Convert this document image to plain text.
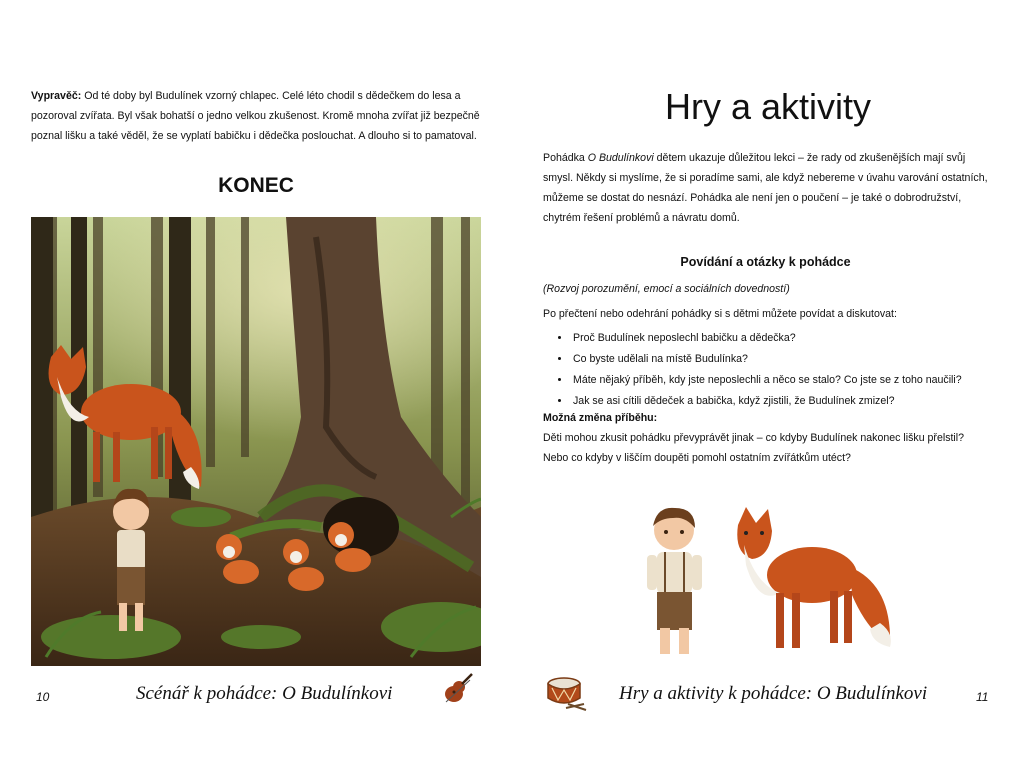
Vypravěč: Od té doby byl Budulínek vzorný chlapec. Celé léto chodil s dědečkem do lesa a pozoroval zvířata. Byl však bohatší o jedno velkou zkušenost. Kromě mnoha zvířat již bezpečně poznal lišku a také věděl, že se vyplatí babičku i dědečka poslouchat. A dlouho si to pamatoval.

KONEC
10	Scénář k pohádce: O Budulínkovi
Hry a aktivity

Pohádka O Budulínkovi dětem ukazuje důležitou lekci – že rady od zkušenějších mají svůj smysl. Někdy si myslíme, že si poradíme sami, ale když nebereme v úvahu varování ostatních, můžeme se dostat do nesnází. Pohádka ale není jen o poučení – je také o dobrodružství, chytrém řešení problémů a návratu domů.

Povídání a otázky k pohádce

(Rozvoj porozumění, emocí a sociálních dovedností)

Po přečtení nebo odehrání pohádky si s dětmi můžete povídat a diskutovat:

• Proč Budulínek neposlechl babičku a dědečka?
• Co byste udělali na místě Budulínka?
• Máte nějaký příběh, kdy jste neposlechli a něco se stalo? Co jste se z toho naučili?
• Jak se asi cítili dědeček a babička, když zjistili, že Budulínek zmizel?

Možná změna příběhu:

Děti mohou zkusit pohádku převyprávět jinak – co kdyby Budulínek nakonec lišku přelstil? Nebo co kdyby v liščím doupěti pomohl ostatním zvířátkům utéct?

Hry a aktivity k pohádce: O Budulínkovi	11
